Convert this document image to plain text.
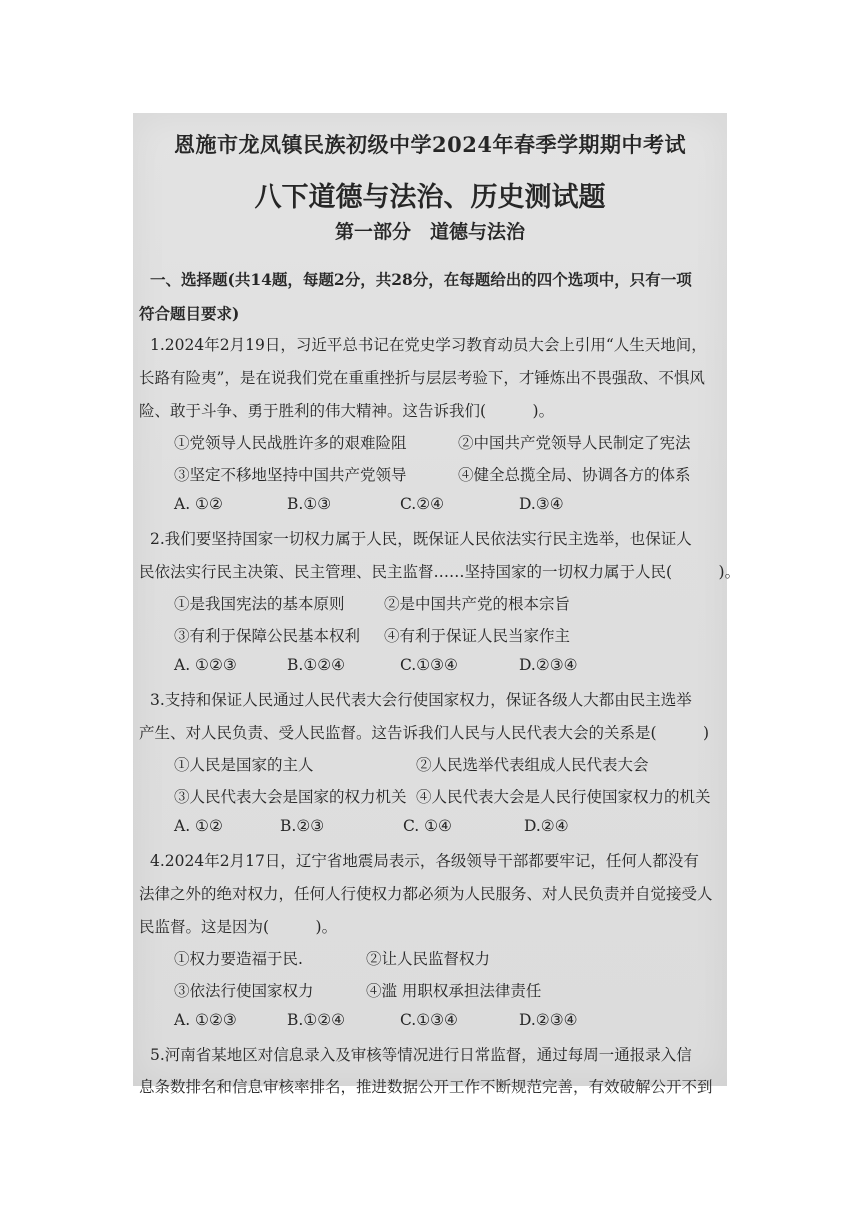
恩施市龙凤镇民族初级中学2024年春季学期期中考试
八下道德与法治、历史测试题
第一部分　道德与法治
一、选择题(共14题，每题2分，共28分，在每题给出的四个选项中，只有一项
符合题目要求)
1.2024年2月19日，习近平总书记在党史学习教育动员大会上引用“人生天地间，
长路有险夷”，是在说我们党在重重挫折与层层考验下，才锤炼出不畏强敌、不惧风
险、敢于斗争、勇于胜利的伟大精神。这告诉我们(　　　)。
①党领导人民战胜许多的艰难险阻	②中国共产党领导人民制定了宪法
③坚定不移地坚持中国共产党领导	④健全总揽全局、协调各方的体系
A. ①②	B.①③	C.②④	D.③④
2.我们要坚持国家一切权力属于人民，既保证人民依法实行民主选举，也保证人
民依法实行民主决策、民主管理、民主监督……坚持国家的一切权力属于人民(　　　)。
①是我国宪法的基本原则	②是中国共产党的根本宗旨
③有利于保障公民基本权利 ④有利于保证人民当家作主
A. ①②③	B.①②④	C.①③④	D.②③④
3.支持和保证人民通过人民代表大会行使国家权力，保证各级人大都由民主选举
产生、对人民负责、受人民监督。这告诉我们人民与人民代表大会的关系是(　　　)
①人民是国家的主人	②人民选举代表组成人民代表大会
③人民代表大会是国家的权力机关 ④人民代表大会是人民行使国家权力的机关
A. ①②	B.②③	C. ①④	D.②④
4.2024年2月17日，辽宁省地震局表示，各级领导干部都要牢记，任何人都没有
法律之外的绝对权力，任何人行使权力都必须为人民服务、对人民负责并自觉接受人
民监督。这是因为(　　　)。
①权力要造福于民.	②让人民监督权力
③依法行使国家权力	④滥 用职权承担法律责任
A. ①②③	B.①②④	C.①③④	D.②③④
5.河南省某地区对信息录入及审核等情况进行日常监督，通过每周一通报录入信
息条数排名和信息审核率排名，推进数据公开工作不断规范完善，有效破解公开不到
